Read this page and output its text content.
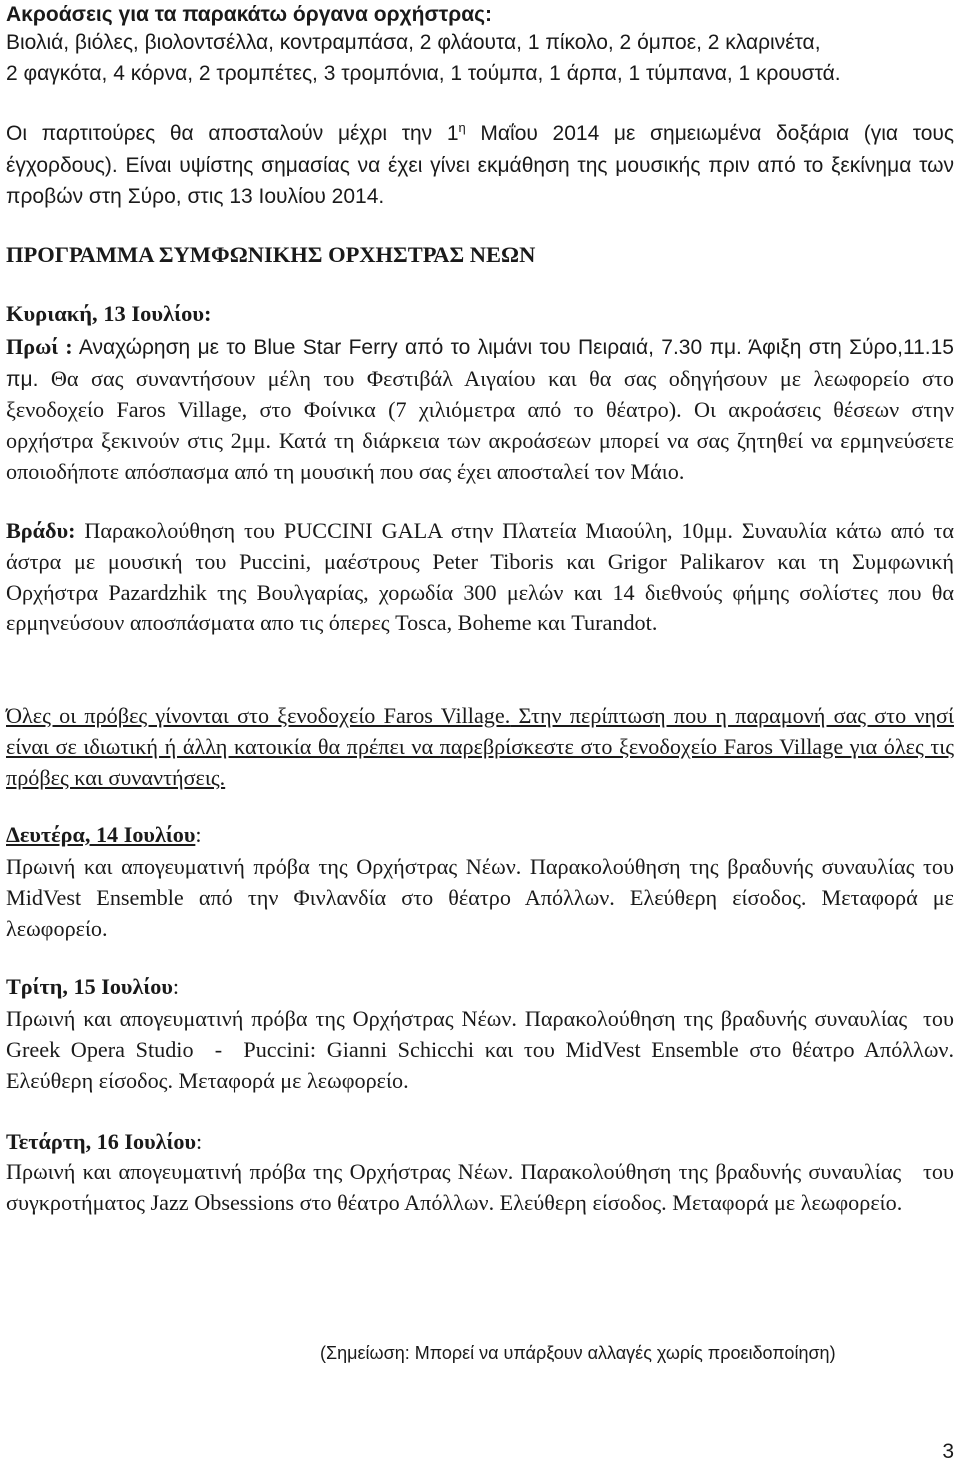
Ακροάσεις για τα παρακάτω όργανα ορχήστρας:
Βιολιά, βιόλες, βιολοντσέλλα, κοντραμπάσα, 2 φλάουτα, 1 πίκολο, 2 όμποε, 2 κλαρινέτα,
2 φαγκότα, 4 κόρνα, 2 τρομπέτες, 3 τρομπόνια, 1 τούμπα, 1 άρπα, 1 τύμπανα, 1 κρουστά.

Οι παρτιτούρες θα αποσταλούν μέχρι την $1^\eta$ Μαΐου 2014 με σημειωμένα δοξάρια (για τους έγχορδους). Είναι υψίστης σημασίας να έχει γίνει εκμάθηση της μουσικής πριν από το ξεκίνημα των προβών στη Σύρο, στις 13 Ιουλίου 2014.

ΠΡΟΓΡΑΜΜΑ ΣΥΜΦΩΝΙΚΗΣ ΟΡΧΗΣΤΡΑΣ ΝΕΩΝ
Κυριακή, 13 Ιουλίου:

Πρωί : Αναχώρηση με το Blue Star Ferry από το λιμάνι του Πειραιά, 7.30 πμ. Άφιξη στη Σύρο,11.15 πμ. Θα σας συναντήσουν μέλη του Φεστιβάλ Αιγαίου και θα σας οδηγήσουν με λεωφορείο στο ξενοδοχείο Faros Village, στο Φοίνικα (7 χιλιόμετρα από το θέατρο). Οι ακροάσεις θέσεων στην ορχήστρα ξεκινούν στις 2μμ. Κατά τη διάρκεια των ακροάσεων μπορεί να σας ζητηθεί να ερμηνεύσετε οποιοδήποτε απόσπασμα από τη μουσική που σας έχει αποσταλεί τον Μάιο.

Βράδυ: Παρακολούθηση του PUCCINI GALA στην Πλατεία Μιαούλη, 10μμ. Συναυλία κάτω από τα άστρα με μουσική του Puccini, μαέστρους Peter Tiboris και Grigor Palikarov και τη Συμφωνική Ορχήστρα Pazardzhik της Βουλγαρίας, χορωδία 300 μελών και 14 διεθνούς φήμης σολίστες που θα ερμηνεύσουν αποσπάσματα απο τις όπερες Tosca, Boheme και Turandot.

Όλες οι πρόβες γίνονται στο ξενοδοχείο Faros Village. Στην περίπτωση που η παραμονή σας στο νησί είναι σε ιδιωτική ή άλλη κατοικία θα πρέπει να παρεβρίσκεστε στο ξενοδοχείο Faros Village για όλες τις πρόβες και συναντήσεις.

Δευτέρα, 14 Ιουλίου:

Πρωινή και απογευματινή πρόβα της Ορχήστρας Νέων. Παρακολούθηση της βραδυνής συναυλίας του MidVest Ensemble από την Φινλανδία στο θέατρο Απόλλων. Ελεύθερη είσοδος. Μεταφορά με λεωφορείο.

Τρίτη, 15 Ιουλίου:

Πρωινή και απογευματινή πρόβα της Ορχήστρας Νέων. Παρακολούθηση της βραδυνής συναυλίας  του Greek Opera Studio  -  Puccini: Gianni Schicchi και του MidVest Ensemble στο θέατρο Απόλλων. Ελεύθερη είσοδος. Μεταφορά με λεωφορείο.

Τετάρτη, 16 Ιουλίου:

Πρωινή και απογευματινή πρόβα της Ορχήστρας Νέων. Παρακολούθηση της βραδυνής συναυλίας   του συγκροτήματος Jazz Obsessions στο θέατρο Απόλλων. Ελεύθερη είσοδος. Μεταφορά με λεωφορείο.

(Σημείωση: Μπορεί να υπάρξουν αλλαγές χωρίς προειδοποίηση)
3
